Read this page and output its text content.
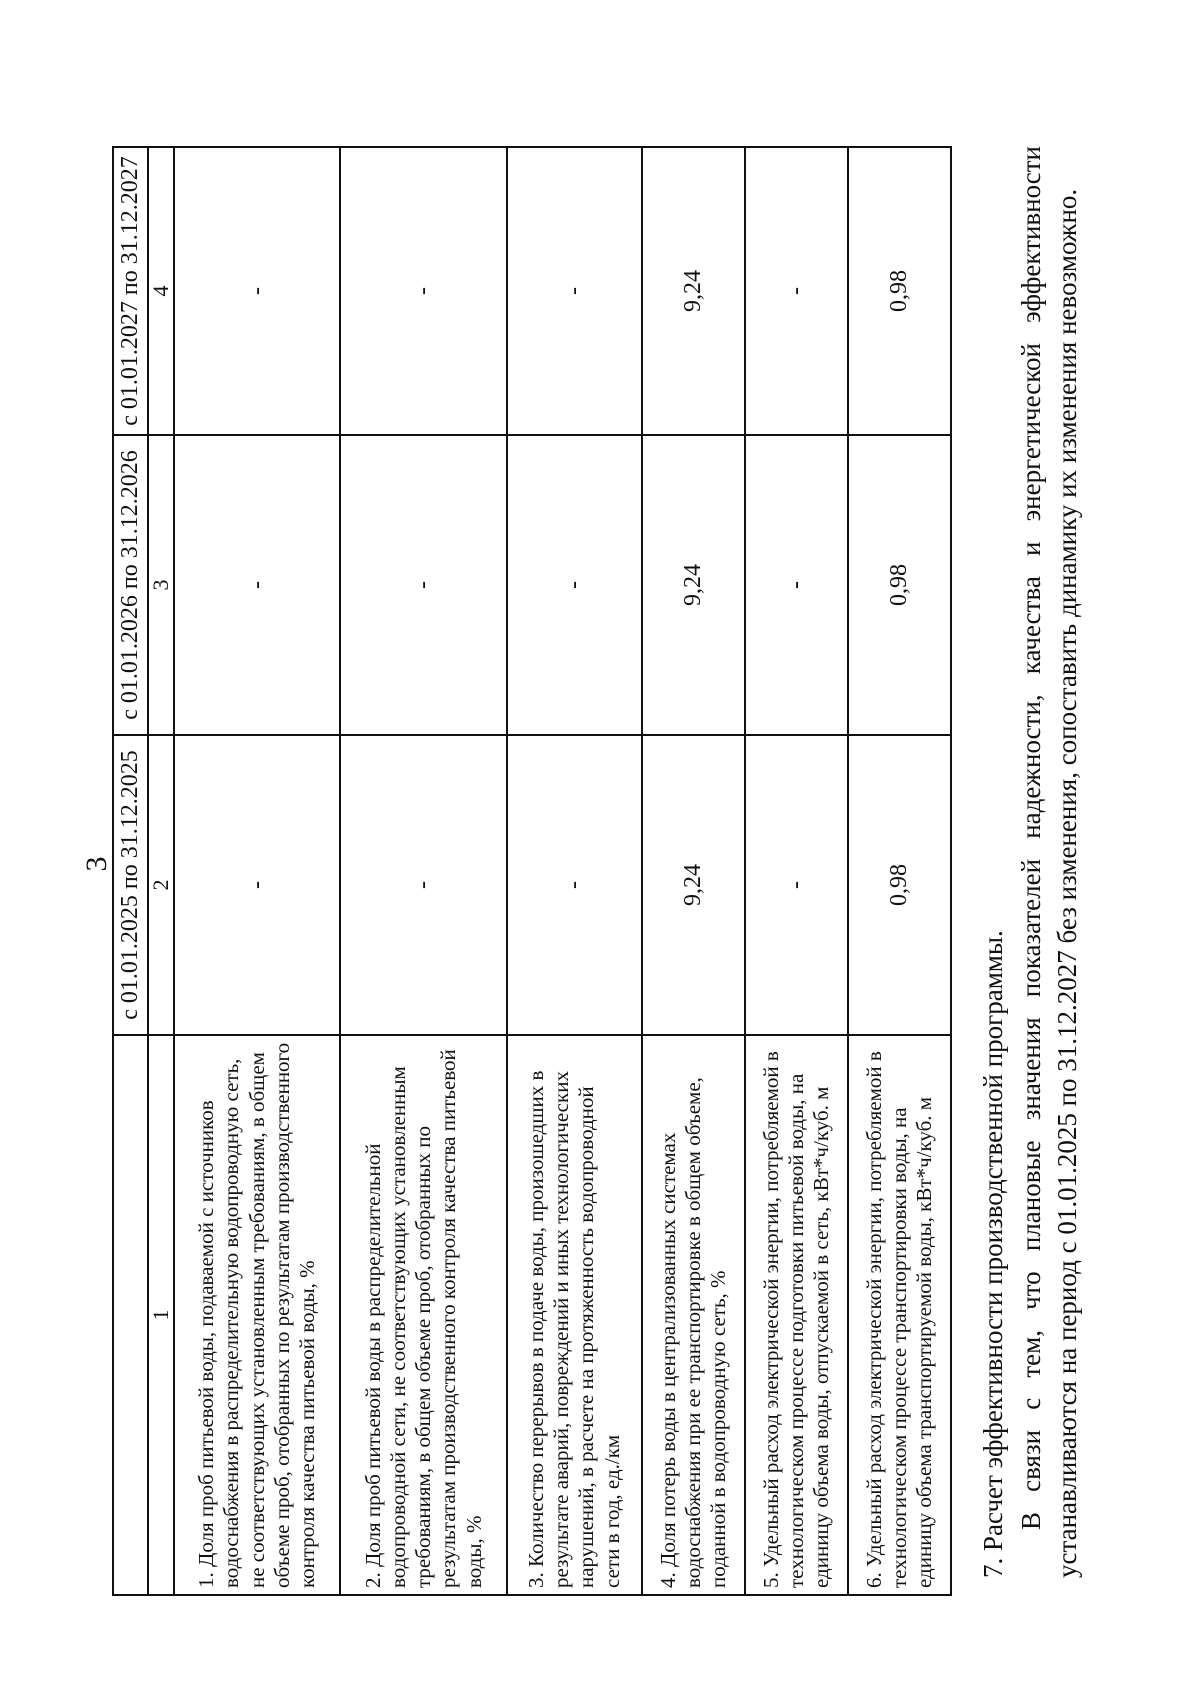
3
	с 01.01.2025 по 31.12.2025	с 01.01.2026 по 31.12.2026	с 01.01.2027 по 31.12.2027
1	2	3	4
1. Доля проб питьевой воды, подаваемой с источников водоснабжения в распределительную водопроводную сеть, не соответствующих установленным требованиям, в общем объеме проб, отобранных по результатам производственного контроля качества питьевой воды, %	-	-	-
2. Доля проб питьевой воды в распределительной водопроводной сети, не соответствующих установленным требованиям, в общем объеме проб, отобранных по результатам производственного контроля качества питьевой воды, %	-	-	-
3. Количество перерывов в подаче воды, произошедших в результате аварий, повреждений и иных технологических нарушений, в расчете на протяженность водопроводной сети в год, ед./км	-	-	-
4. Доля потерь воды в централизованных системах водоснабжения при ее транспортировке в общем объеме, поданной в водопроводную сеть, %	9,24	9,24	9,24
5. Удельный расход электрической энергии, потребляемой в технологическом процессе подготовки питьевой воды, на единицу объема воды, отпускаемой в сеть, кВт*ч/куб. м	-	-	-
6. Удельный расход электрической энергии, потребляемой в технологическом процессе транспортировки воды, на единицу объема транспортируемой воды, кВт*ч/куб. м	0,98	0,98	0,98
7. Расчет эффективности производственной программы. В связи с тем, что плановые значения показателей надежности, качества и энергетической эффективности устанавливаются на период с 01.01.2025 по 31.12.2027 без изменения, сопоставить динамику их изменения невозможно.
